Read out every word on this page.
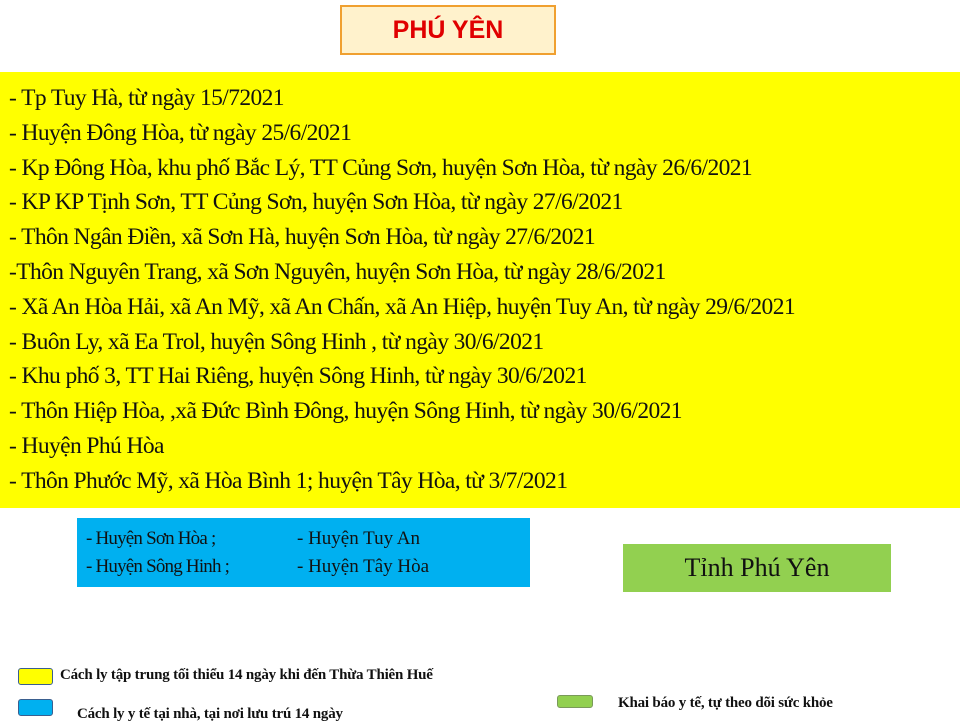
PHÚ YÊN
- Tp Tuy Hà, từ ngày 15/72021
- Huyện Đông Hòa, từ ngày 25/6/2021
- Kp Đông Hòa, khu phố Bắc Lý, TT Củng Sơn, huyện Sơn Hòa, từ ngày 26/6/2021
- KP KP Tịnh Sơn, TT Củng Sơn, huyện Sơn Hòa, từ ngày 27/6/2021
- Thôn Ngân Điền, xã Sơn Hà, huyện Sơn Hòa, từ ngày 27/6/2021
-Thôn Nguyên Trang, xã Sơn Nguyên, huyện Sơn Hòa, từ ngày 28/6/2021
- Xã An Hòa Hải, xã An Mỹ, xã An Chấn, xã An Hiệp, huyện Tuy An, từ ngày 29/6/2021
- Buôn Ly, xã Ea Trol, huyện Sông Hinh , từ ngày 30/6/2021
- Khu phố 3, TT Hai Riêng, huyện Sông Hinh, từ ngày 30/6/2021
- Thôn Hiệp Hòa, ,xã Đức Bình Đông, huyện Sông Hinh, từ ngày 30/6/2021
- Huyện Phú Hòa
- Thôn Phước Mỹ, xã Hòa Bình 1; huyện Tây Hòa, từ 3/7/2021
- Huyện Sơn Hòa ;	- Huyện Tuy An
- Huyện Sông Hinh ;	- Huyện Tây Hòa	Tỉnh Phú Yên
Cách ly tập trung tối thiểu 14 ngày khi đến Thừa Thiên Huế
Cách ly y tế tại nhà, tại nơi lưu trú 14 ngày
Khai báo y tế, tự theo dõi sức khỏe
